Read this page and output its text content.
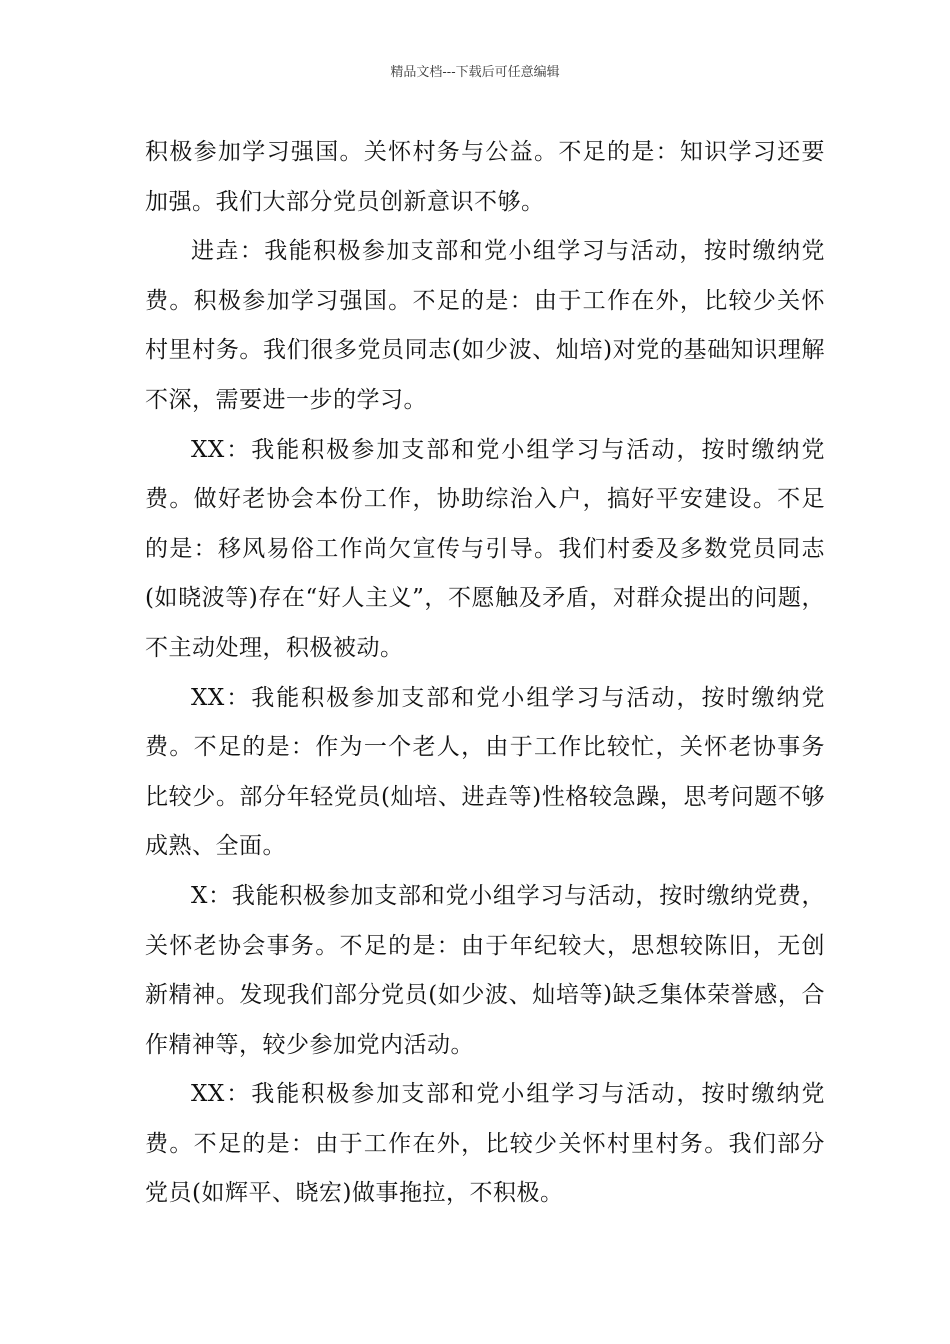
精品文档---下载后可任意编辑

积极参加学习强国。关怀村务与公益。不足的是：知识学习还要加强。我们大部分党员创新意识不够。

进垚：我能积极参加支部和党小组学习与活动，按时缴纳党费。积极参加学习强国。不足的是：由于工作在外，比较少关怀村里村务。我们很多党员同志(如少波、灿培)对党的基础知识理解不深，需要进一步的学习。

XX：我能积极参加支部和党小组学习与活动，按时缴纳党费。做好老协会本份工作，协助综治入户，搞好平安建设。不足的是：移风易俗工作尚欠宣传与引导。我们村委及多数党员同志(如晓波等)存在“好人主义”，不愿触及矛盾，对群众提出的问题，不主动处理，积极被动。

XX：我能积极参加支部和党小组学习与活动，按时缴纳党费。不足的是：作为一个老人，由于工作比较忙，关怀老协事务比较少。部分年轻党员(灿培、进垚等)性格较急躁，思考问题不够成熟、全面。

X：我能积极参加支部和党小组学习与活动，按时缴纳党费，关怀老协会事务。不足的是：由于年纪较大，思想较陈旧，无创新精神。发现我们部分党员(如少波、灿培等)缺乏集体荣誉感，合作精神等，较少参加党内活动。

XX：我能积极参加支部和党小组学习与活动，按时缴纳党费。不足的是：由于工作在外，比较少关怀村里村务。我们部分党员(如辉平、晓宏)做事拖拉，不积极。
